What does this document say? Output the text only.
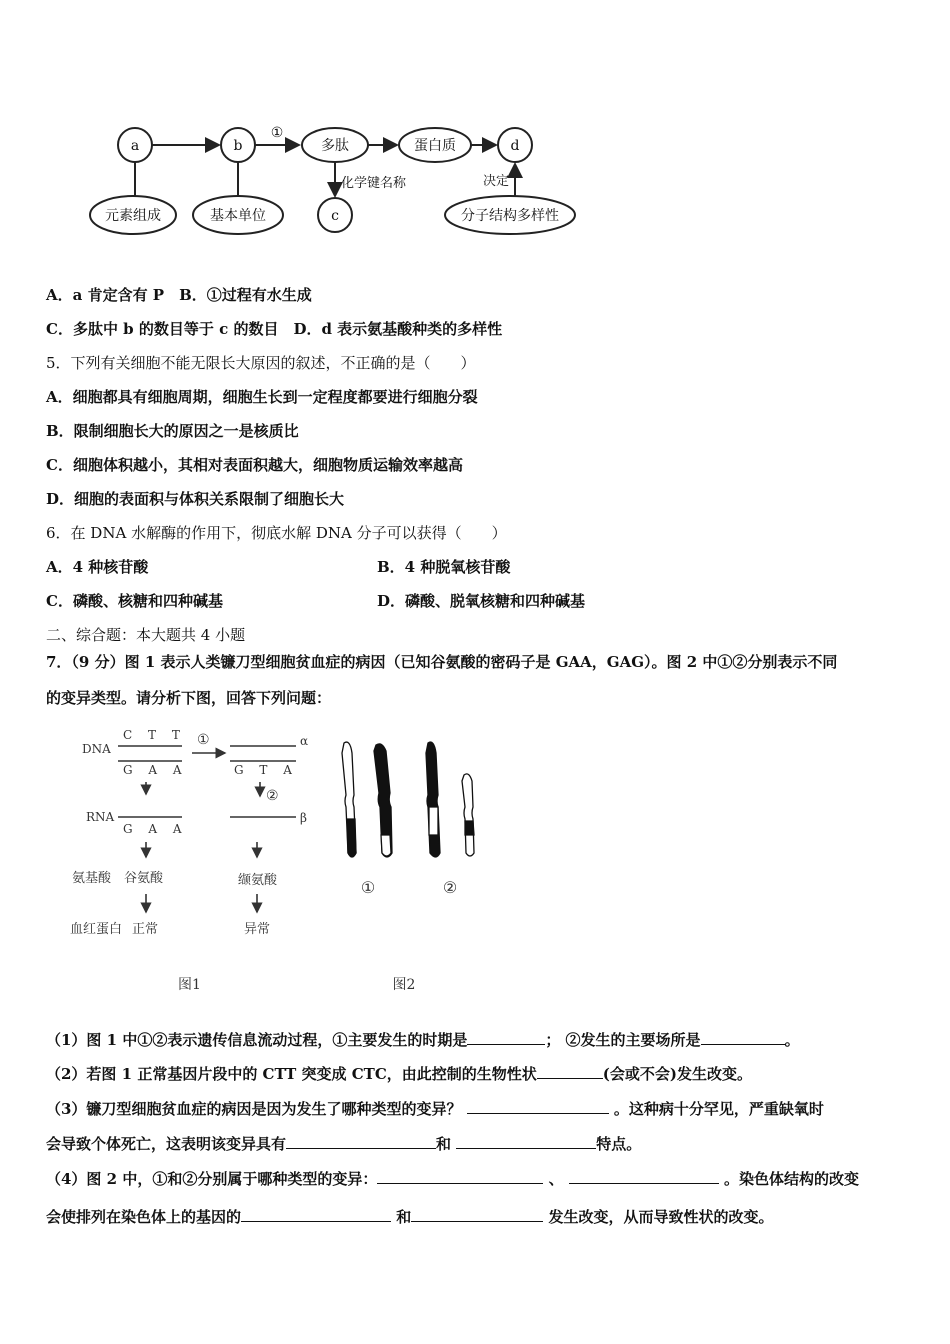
a	b	多肽	蛋白质	d
①
元素组成	基本单位	c	分子结构多样性
化学键名称	决定
A．a 肯定含有 P　B．①过程有水生成
C．多肽中 b 的数目等于 c 的数目　D．d 表示氨基酸种类的多样性
5．下列有关细胞不能无限长大原因的叙述，不正确的是（　　）
A．细胞都具有细胞周期，细胞生长到一定程度都要进行细胞分裂
B．限制细胞长大的原因之一是核质比
C．细胞体积越小，其相对表面积越大，细胞物质运输效率越高
D．细胞的表面积与体积关系限制了细胞长大
6．在 DNA 水解酶的作用下，彻底水解 DNA 分子可以获得（　　）
A．4 种核苷酸	B．4 种脱氧核苷酸
C．磷酸、核糖和四种碱基	D．磷酸、脱氧核糖和四种碱基
二、综合题：本大题共 4 小题
7．（9 分）图 1 表示人类镰刀型细胞贫血症的病因（已知谷氨酸的密码子是 GAA，GAG）。图 2 中①②分别表示不同
的变异类型。请分析下图，回答下列问题：
DNA
C T T
G A A
①	α
G T A
②
RNA
G A A
β
氨基酸 谷氨酸	缬氨酸
血红蛋白 正常	异常
图1
①	②
图2
（1）图 1 中①②表示遗传信息流动过程，①主要发生的时期是	； ②发生的主要场所是	。
（2）若图 1 正常基因片段中的 CTT 突变成 CTC，由此控制的生物性状	(会或不会)发生改变。
（3）镰刀型细胞贫血症的病因是因为发生了哪种类型的变异？	。这种病十分罕见，严重缺氧时
会导致个体死亡，这表明该变异具有	和	特点。
（4）图 2 中，①和②分别属于哪种类型的变异：	、	。染色体结构的改变
会使排列在染色体上的基因的	和	发生改变，从而导致性状的改变。
